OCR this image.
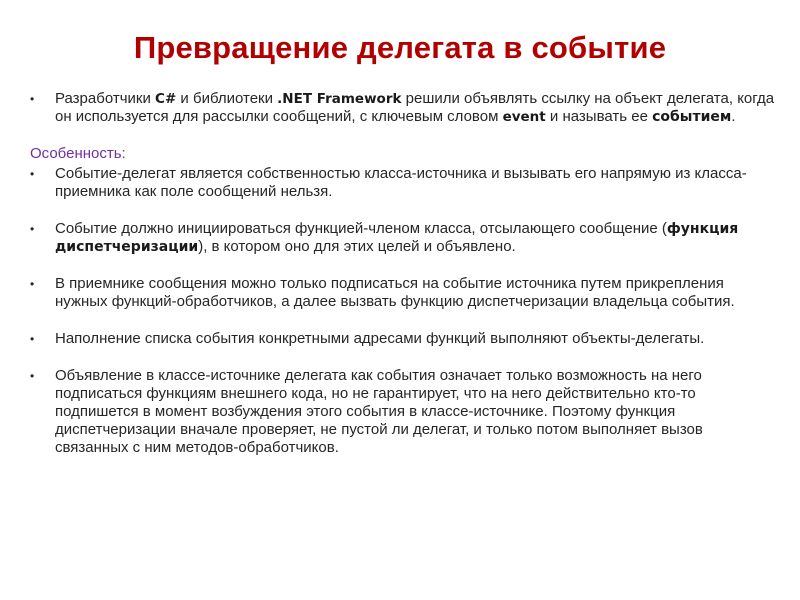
Превращение делегата в событие

•	Разработчики C# и библиотеки .NET Framework решили объявлять ссылку на объект делегата, когда он используется для рассылки сообщений, с ключевым словом event и называть ее событием.

Особенность:

•	Событие-делегат является собственностью класса-источника и вызывать его напрямую из класса-приемника как поле сообщений нельзя.

•	Событие должно инициироваться функцией-членом класса, отсылающего сообщение (функция диспетчеризации), в котором оно для этих целей и объявлено.

•	В приемнике сообщения можно только подписаться на событие источника путем прикрепления нужных функций-обработчиков, а далее вызвать функцию диспетчеризации владельца события.

•	Наполнение списка события конкретными адресами функций выполняют объекты-делегаты.

•	Объявление в классе-источнике делегата как события означает только возможность на него подписаться функциям внешнего кода, но не гарантирует, что на него действительно кто-то подпишется в момент возбуждения этого события в классе-источнике. Поэтому функция диспетчеризации вначале проверяет, не пустой ли делегат, и только потом выполняет вызов связанных с ним методов-обработчиков.
